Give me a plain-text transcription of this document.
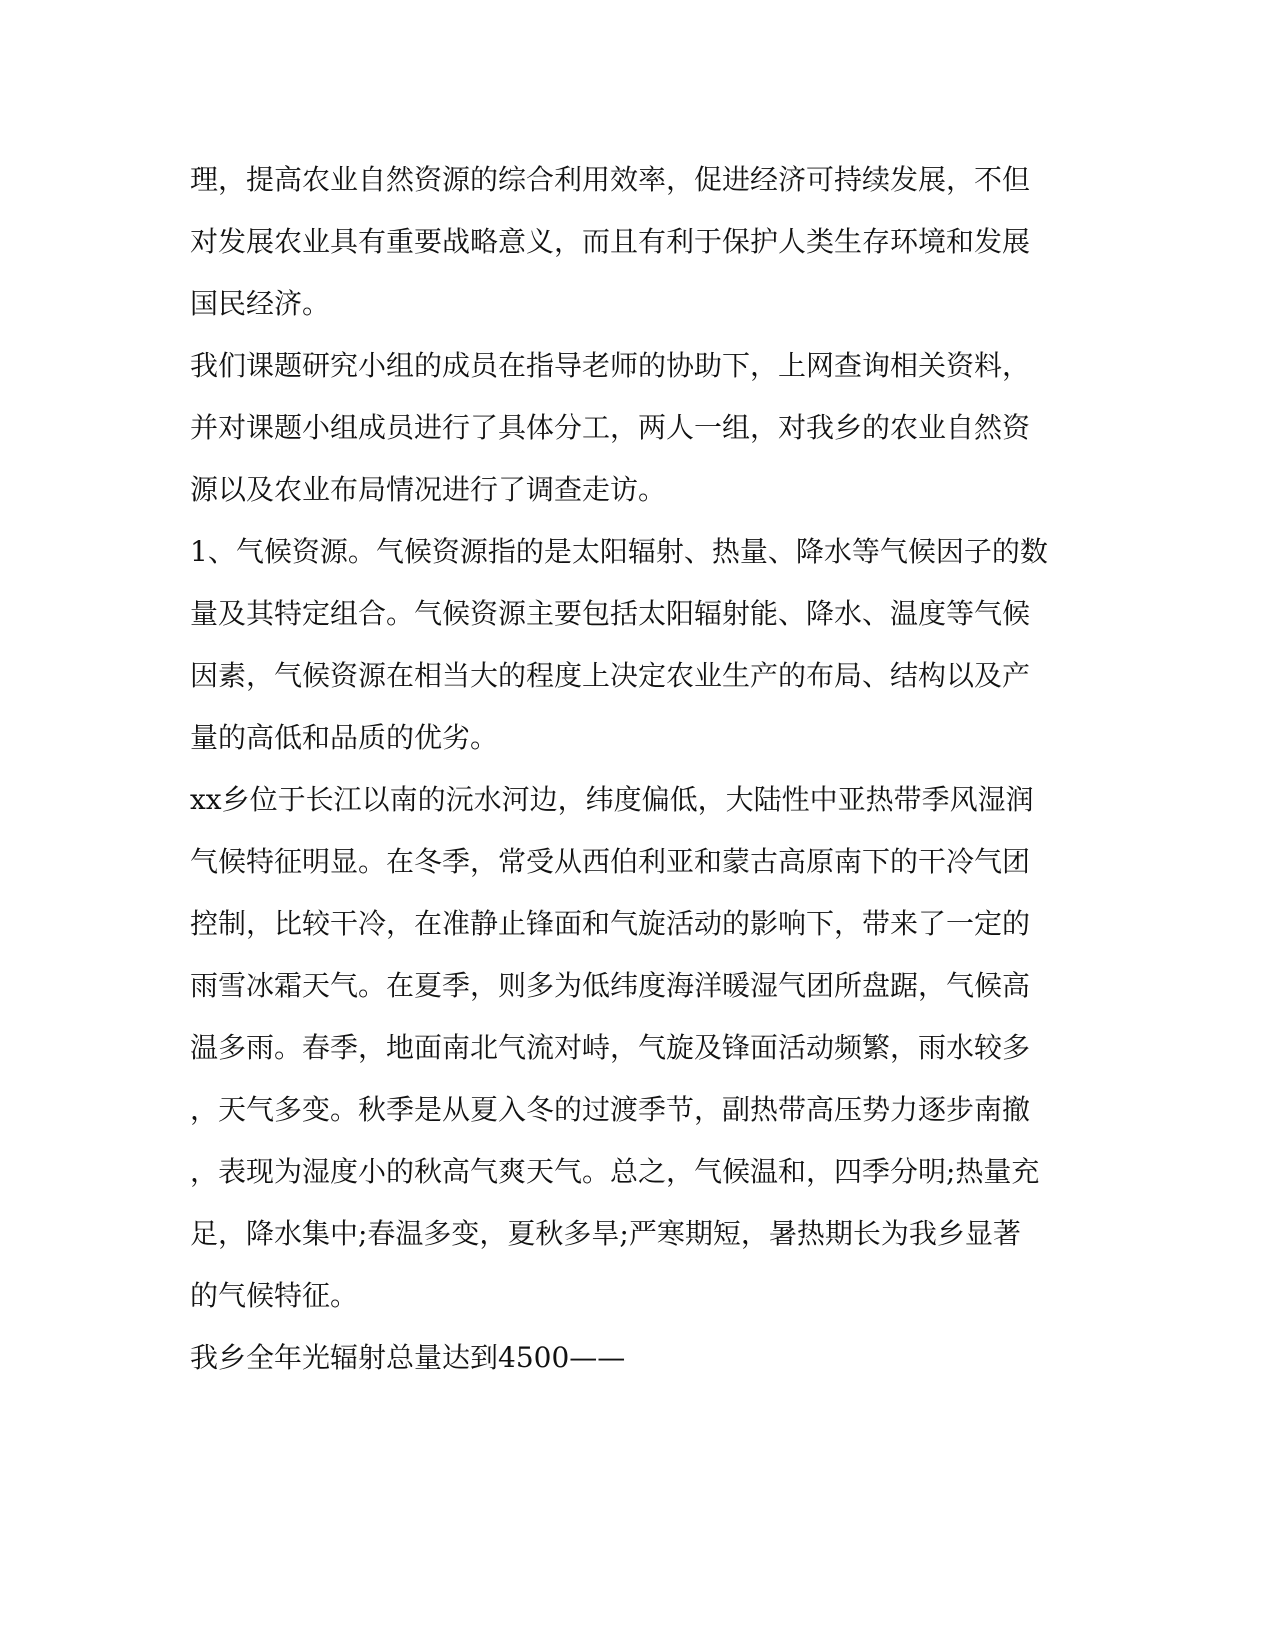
理，提高农业自然资源的综合利用效率，促进经济可持续发展，不但
对发展农业具有重要战略意义，而且有利于保护人类生存环境和发展
国民经济。
我们课题研究小组的成员在指导老师的协助下，上网查询相关资料，
并对课题小组成员进行了具体分工，两人一组，对我乡的农业自然资
源以及农业布局情况进行了调查走访。
1、气候资源。气候资源指的是太阳辐射、热量、降水等气候因子的数
量及其特定组合。气候资源主要包括太阳辐射能、降水、温度等气候
因素，气候资源在相当大的程度上决定农业生产的布局、结构以及产
量的高低和品质的优劣。
xx乡位于长江以南的沅水河边，纬度偏低，大陆性中亚热带季风湿润
气候特征明显。在冬季，常受从西伯利亚和蒙古高原南下的干冷气团
控制，比较干冷，在准静止锋面和气旋活动的影响下，带来了一定的
雨雪冰霜天气。在夏季，则多为低纬度海洋暖湿气团所盘踞，气候高
温多雨。春季，地面南北气流对峙，气旋及锋面活动频繁，雨水较多
，天气多变。秋季是从夏入冬的过渡季节，副热带高压势力逐步南撤
，表现为湿度小的秋高气爽天气。总之，气候温和，四季分明;热量充
足，降水集中;春温多变，夏秋多旱;严寒期短，暑热期长为我乡显著
的气候特征。
我乡全年光辐射总量达到4500——
